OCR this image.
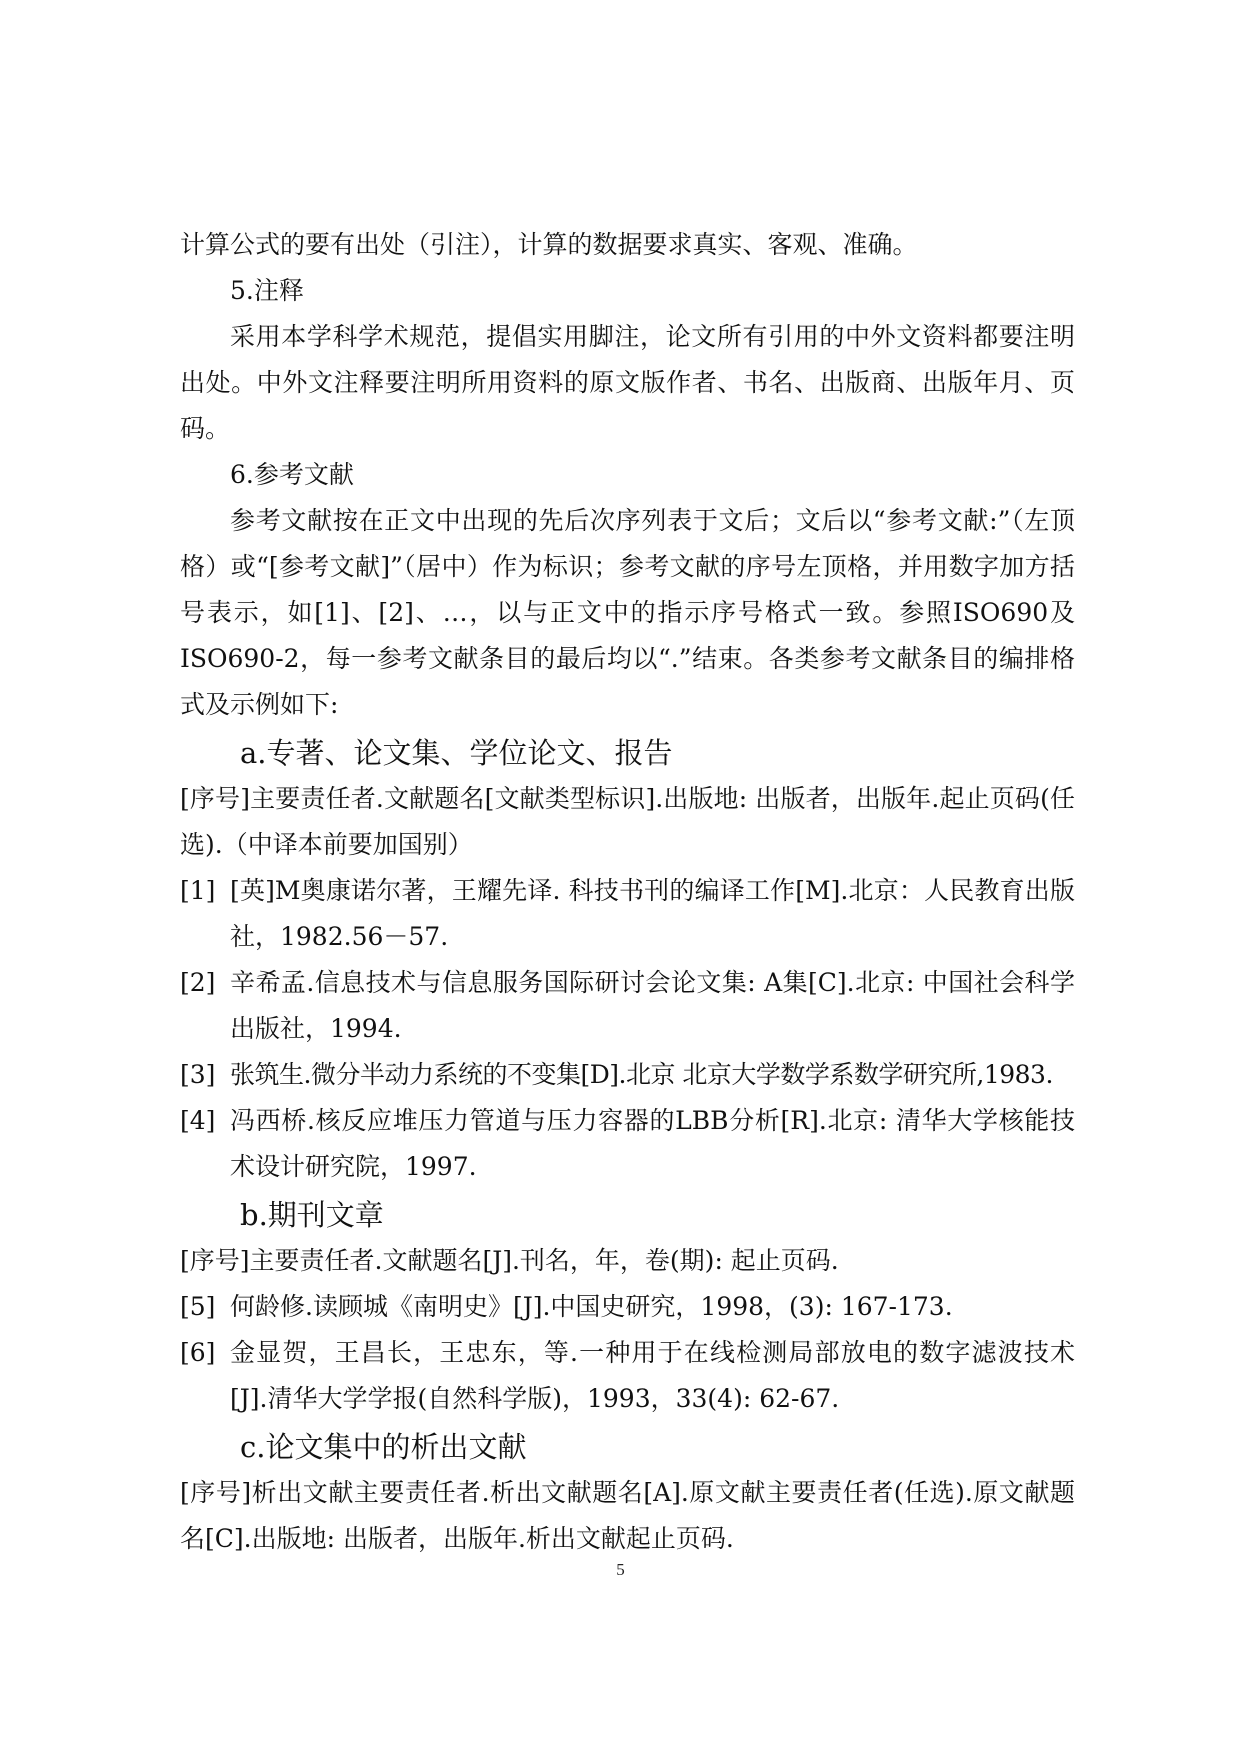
计算公式的要有出处（引注），计算的数据要求真实、客观、准确。

5.注释

采用本学科学术规范，提倡实用脚注，论文所有引用的中外文资料都要注明出处。中外文注释要注明所用资料的原文版作者、书名、出版商、出版年月、页码。

6.参考文献

参考文献按在正文中出现的先后次序列表于文后；文后以“参考文献:”（左顶格）或“[参考文献]”（居中）作为标识；参考文献的序号左顶格，并用数字加方括号表示，如[1]、[2]、…，以与正文中的指示序号格式一致。参照ISO690及ISO690-2，每一参考文献条目的最后均以“.”结束。各类参考文献条目的编排格式及示例如下:

a.专著、论文集、学位论文、报告

[序号]主要责任者.文献题名[文献类型标识].出版地: 出版者，出版年.起止页码(任选).（中译本前要加国别）

[1] [英]M奥康诺尔著，王耀先译. 科技书刊的编译工作[M].北京：人民教育出版社，1982.56－57.
[2] 辛希孟.信息技术与信息服务国际研讨会论文集: A集[C].北京: 中国社会科学出版社，1994.
[3] 张筑生.微分半动力系统的不变集[D].北京 北京大学数学系数学研究所,1983.
[4] 冯西桥.核反应堆压力管道与压力容器的LBB分析[R].北京: 清华大学核能技术设计研究院，1997.

b.期刊文章

[序号]主要责任者.文献题名[J].刊名，年，卷(期): 起止页码.

[5] 何龄修.读顾城《南明史》[J].中国史研究，1998，(3): 167-173.
[6] 金显贺，王昌长，王忠东，等.一种用于在线检测局部放电的数字滤波技术[J].清华大学学报(自然科学版)，1993，33(4): 62-67.

c.论文集中的析出文献

[序号]析出文献主要责任者.析出文献题名[A].原文献主要责任者(任选).原文献题名[C].出版地: 出版者，出版年.析出文献起止页码.

5
